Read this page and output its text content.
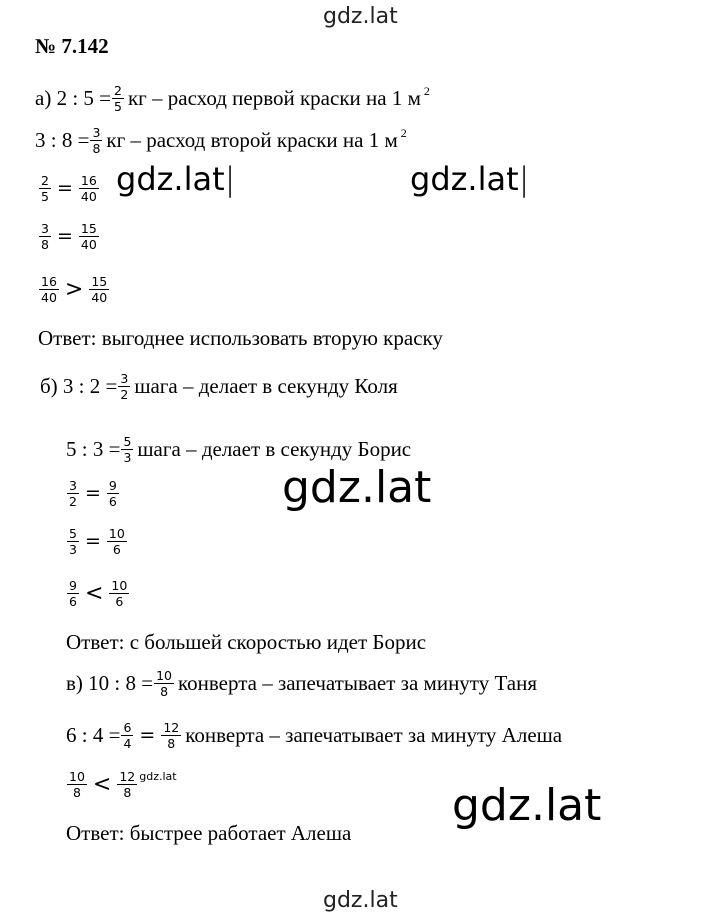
gdz.lat
gdz.lat|	gdz.lat|
gdz.lat
gdz.lat
gdz.lat
№ 7.142
а) 2 : $5 = \frac{2}{5}$ кг – расход первой краски на 1 м $^2$
3 : $8 = \frac{3}{8}$ кг – расход второй краски на 1 м $^2$
$\frac{2}{5} = \frac{16}{40}$
$\frac{3}{8} = \frac{15}{40}$
$\frac{16}{40} > \frac{15}{40}$
Ответ: выгоднее использовать вторую краску
б) 3 : $2 = \frac{3}{2}$ шага – делает в секунду Коля
5 : $3 = \frac{5}{3}$ шага – делает в секунду Борис
$\frac{3}{2} = \frac{9}{6}$
$\frac{5}{3} = \frac{10}{6}$
$\frac{9}{6} < \frac{10}{6}$
Ответ: с большей скоростью идет Борис
в) 10 : $8 = \frac{10}{8}$ конверта – запечатывает за минуту Таня
6 : $4 = \frac{6}{4} = \frac{12}{8}$ конверта – запечатывает за минуту Алеша
$\frac{10}{8} < \frac{12}{8} gdz.lat$
Ответ: быстрее работает Алеша
